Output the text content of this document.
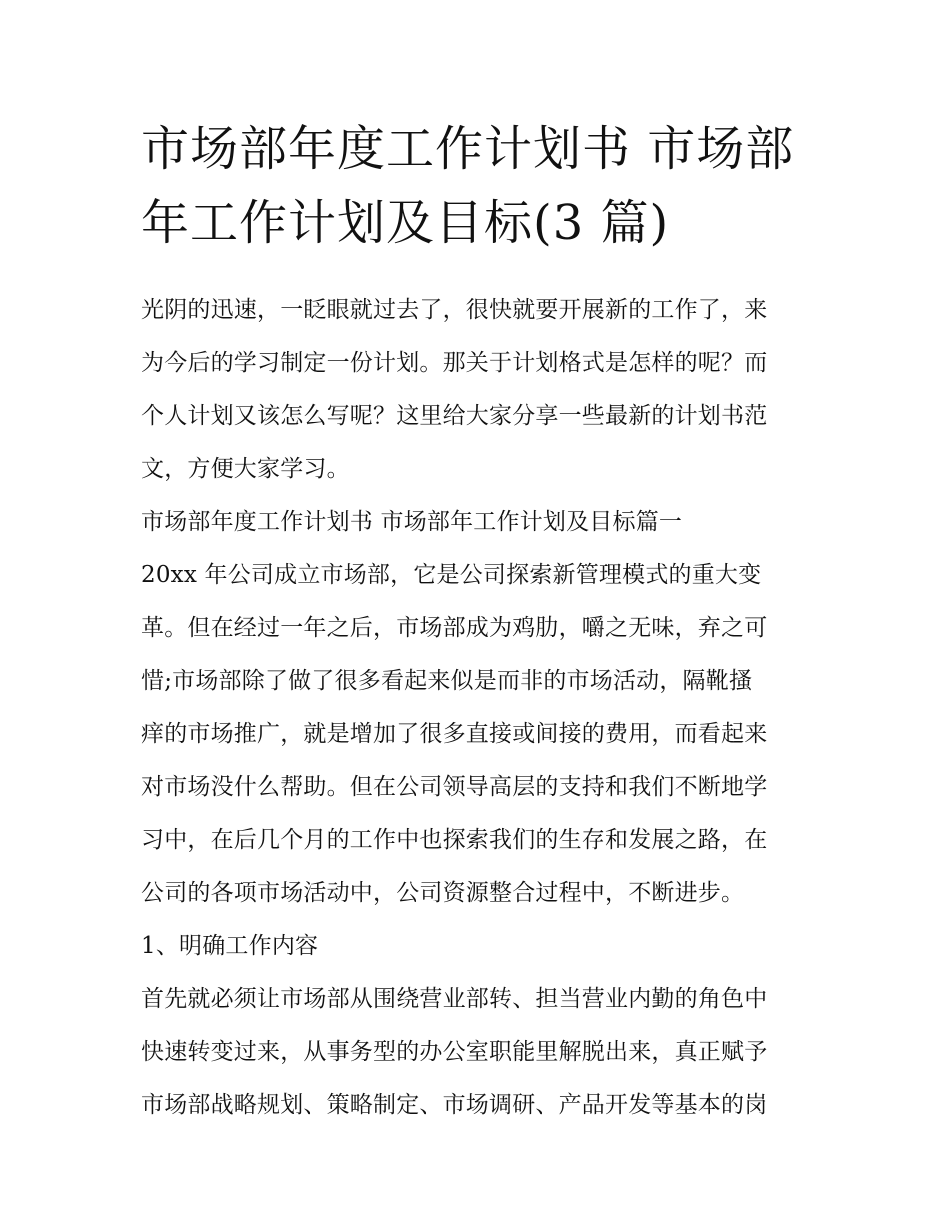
市场部年度工作计划书 市场部
年工作计划及目标(3 篇)
光阴的迅速，一眨眼就过去了，很快就要开展新的工作了，来
为今后的学习制定一份计划。那关于计划格式是怎样的呢？而
个人计划又该怎么写呢？这里给大家分享一些最新的计划书范
文，方便大家学习。
市场部年度工作计划书 市场部年工作计划及目标篇一
20xx 年公司成立市场部，它是公司探索新管理模式的重大变
革。但在经过一年之后，市场部成为鸡肋，嚼之无味，弃之可
惜;市场部除了做了很多看起来似是而非的市场活动，隔靴搔
痒的市场推广，就是增加了很多直接或间接的费用，而看起来
对市场没什么帮助。但在公司领导高层的支持和我们不断地学
习中，在后几个月的工作中也探索我们的生存和发展之路，在
公司的各项市场活动中，公司资源整合过程中，不断进步。
1、明确工作内容
首先就必须让市场部从围绕营业部转、担当营业内勤的角色中
快速转变过来，从事务型的办公室职能里解脱出来，真正赋予
市场部战略规划、策略制定、市场调研、产品开发等基本的岗
